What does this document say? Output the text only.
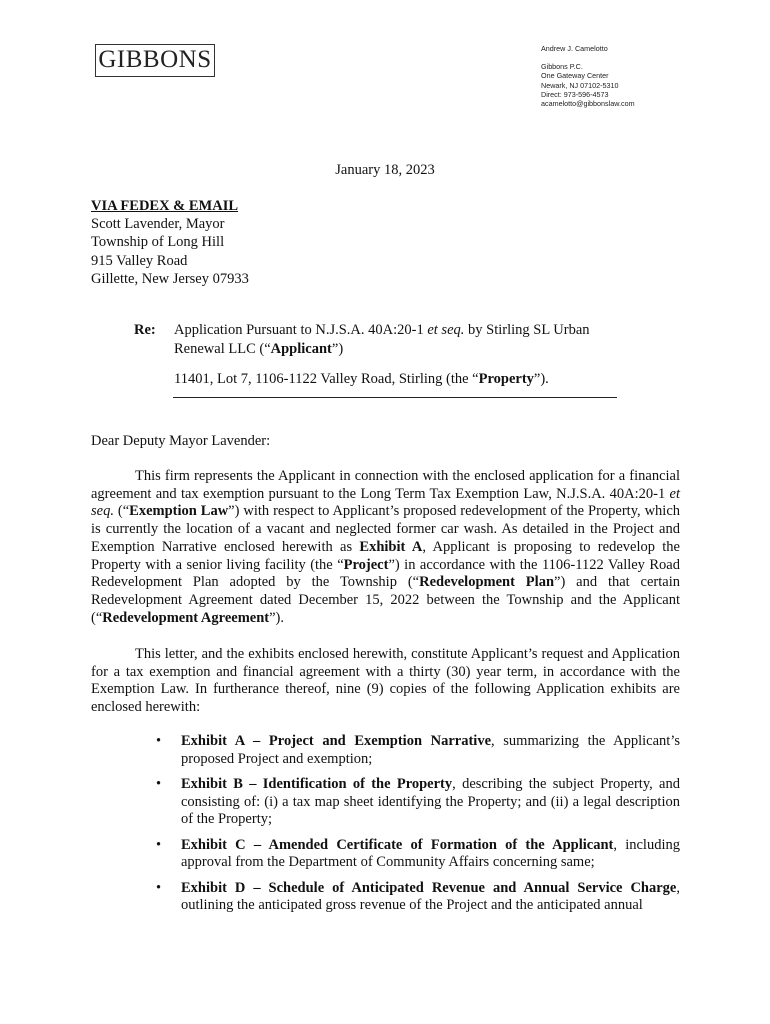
GIBBONS	Andrew J. Camelotto
Gibbons P.C.
One Gateway Center
Newark, NJ 07102-5310
Direct: 973-596-4573
acamelotto@gibbonslaw.com
January 18, 2023
VIA FEDEX & EMAIL
Scott Lavender, Mayor
Township of Long Hill
915 Valley Road
Gillette, New Jersey 07933
Re: Application Pursuant to N.J.S.A. 40A:20-1 et seq. by Stirling SL Urban Renewal LLC (“Applicant”)

11401, Lot 7, 1106-1122 Valley Road, Stirling (the “Property”).

Dear Deputy Mayor Lavender:

This firm represents the Applicant in connection with the enclosed application for a financial agreement and tax exemption pursuant to the Long Term Tax Exemption Law, N.J.S.A. 40A:20-1 et seq. (“Exemption Law”) with respect to Applicant’s proposed redevelopment of the Property, which is currently the location of a vacant and neglected former car wash. As detailed in the Project and Exemption Narrative enclosed herewith as Exhibit A, Applicant is proposing to redevelop the Property with a senior living facility (the “Project”) in accordance with the 1106-1122 Valley Road Redevelopment Plan adopted by the Township (“Redevelopment Plan”) and that certain Redevelopment Agreement dated December 15, 2022 between the Township and the Applicant (“Redevelopment Agreement”).

This letter, and the exhibits enclosed herewith, constitute Applicant’s request and Application for a tax exemption and financial agreement with a thirty (30) year term, in accordance with the Exemption Law. In furtherance thereof, nine (9) copies of the following Application exhibits are enclosed herewith:

• Exhibit A – Project and Exemption Narrative, summarizing the Applicant’s proposed Project and exemption;
• Exhibit B – Identification of the Property, describing the subject Property, and consisting of: (i) a tax map sheet identifying the Property; and (ii) a legal description of the Property;
• Exhibit C – Amended Certificate of Formation of the Applicant, including approval from the Department of Community Affairs concerning same;
• Exhibit D – Schedule of Anticipated Revenue and Annual Service Charge, outlining the anticipated gross revenue of the Project and the anticipated annual
